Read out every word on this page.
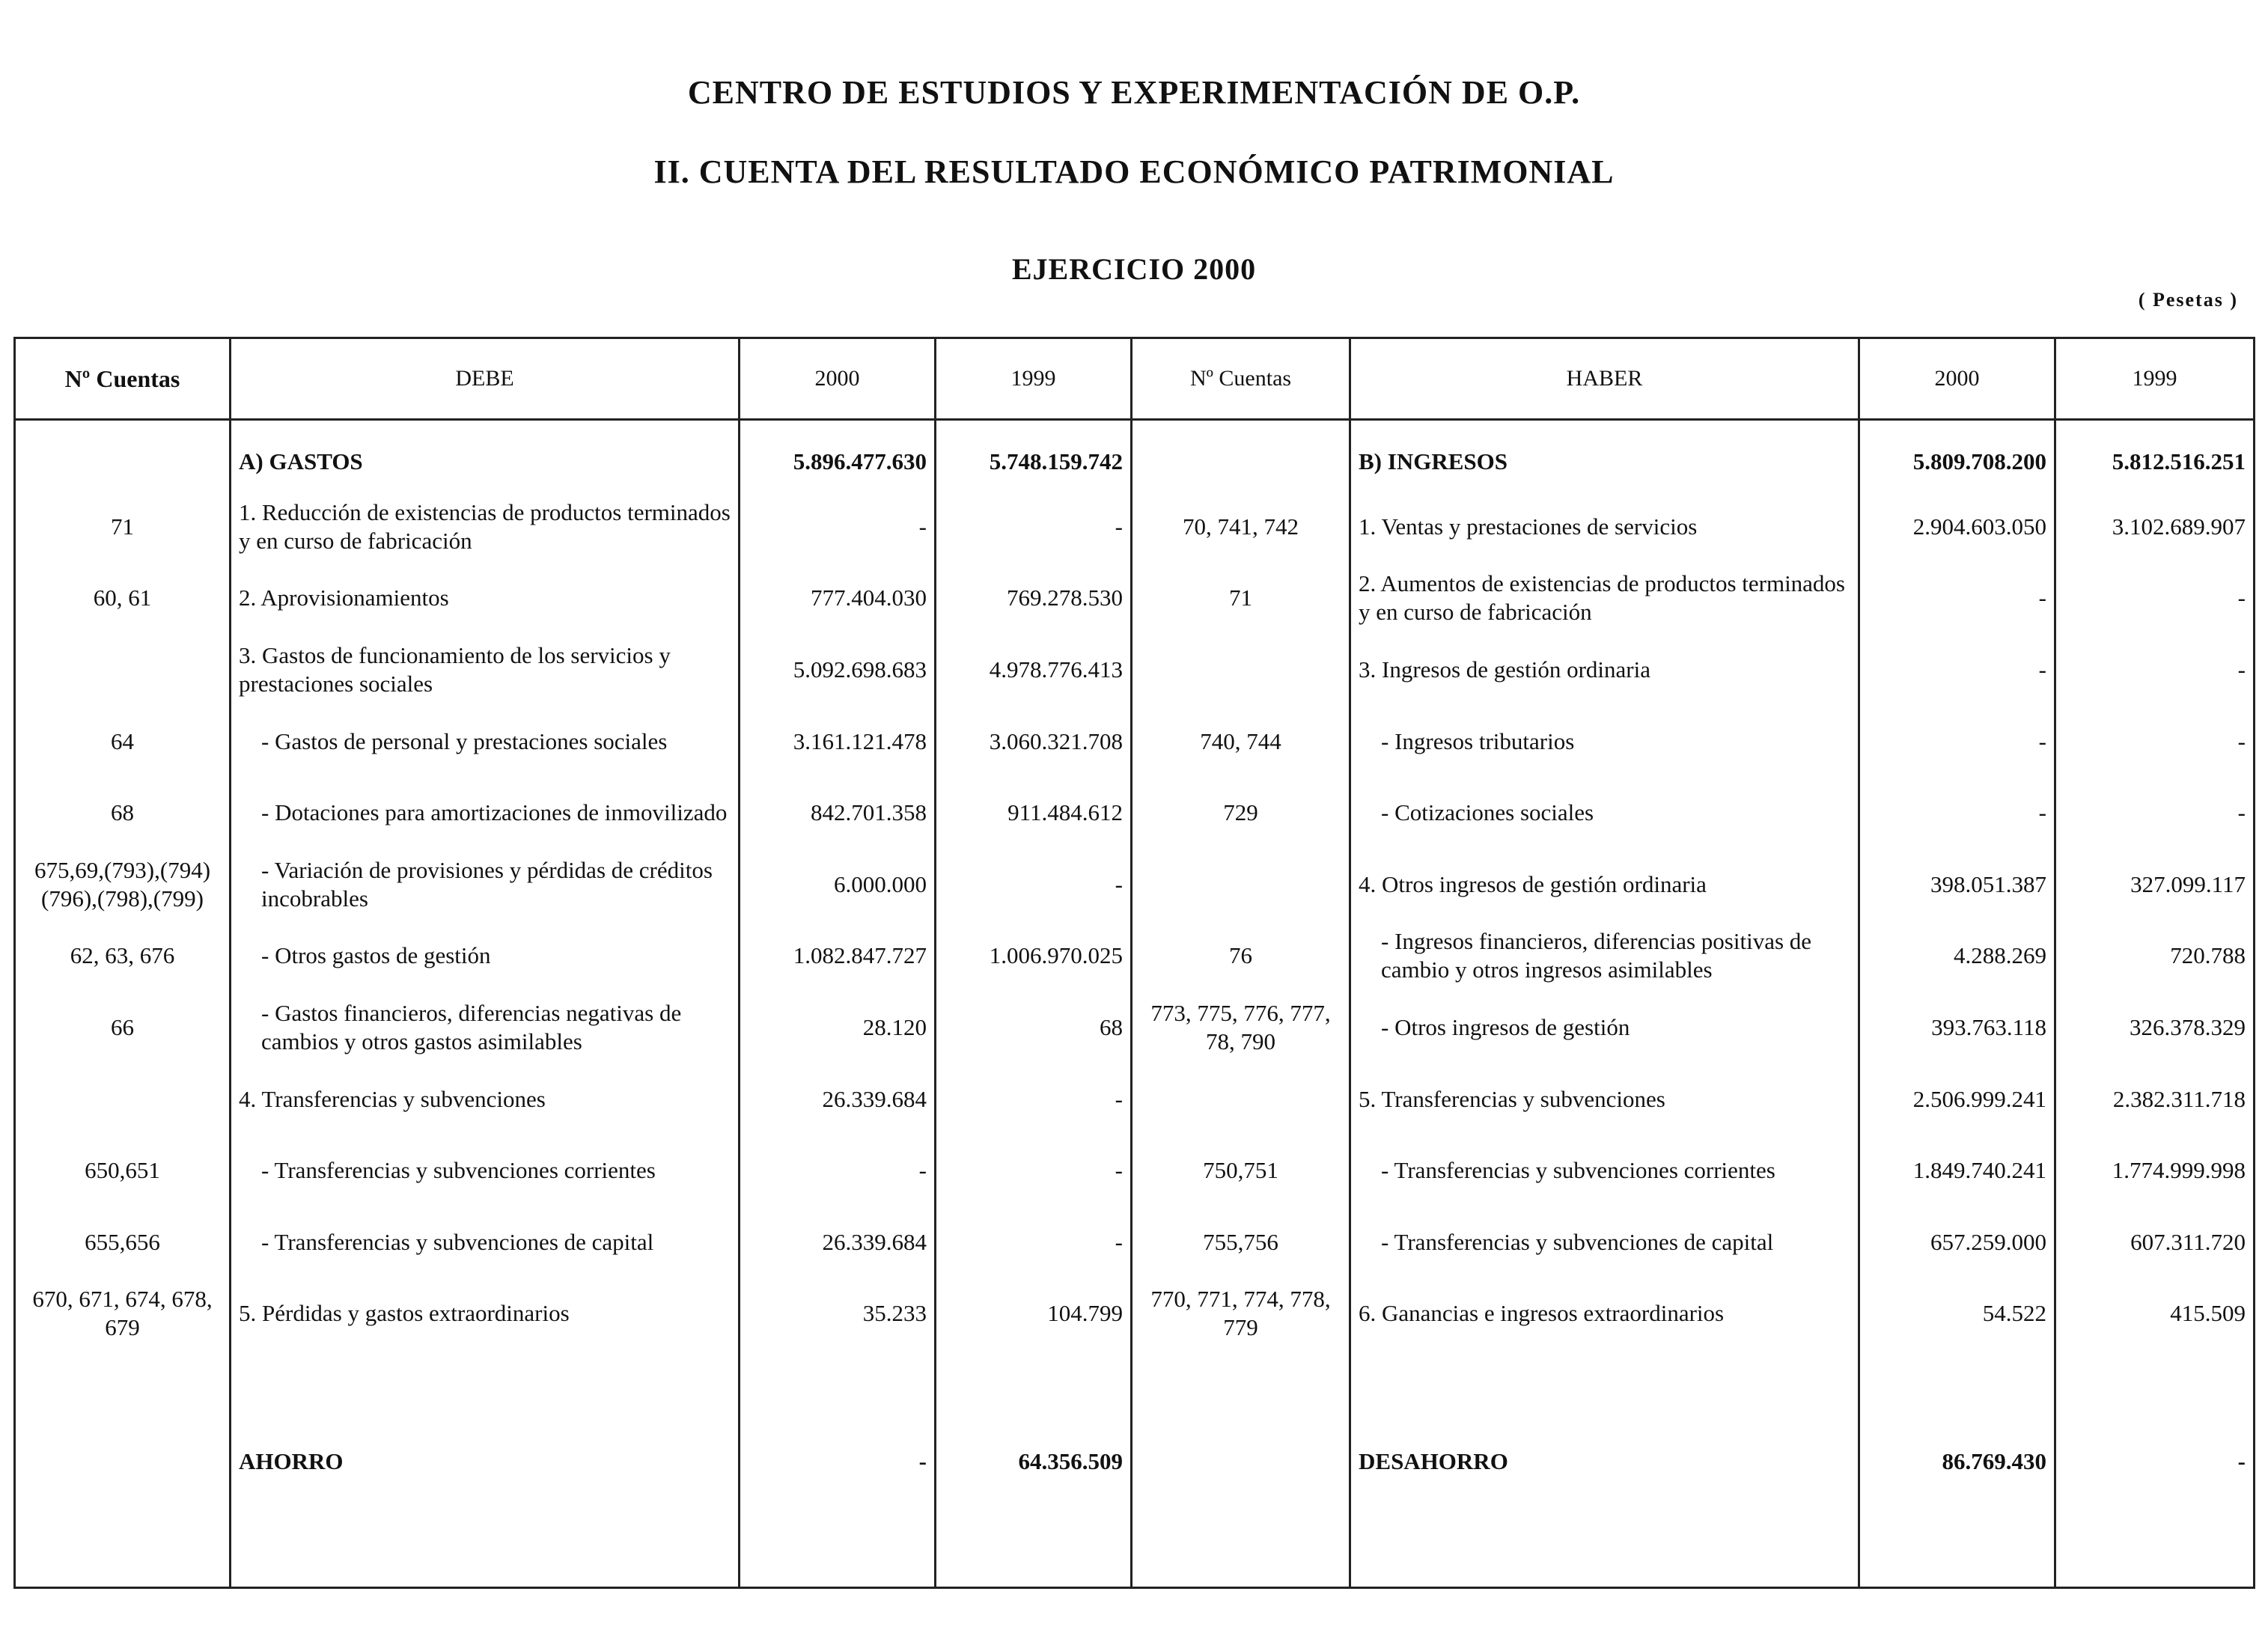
CENTRO DE ESTUDIOS Y EXPERIMENTACIÓN DE O.P.
II. CUENTA DEL RESULTADO ECONÓMICO PATRIMONIAL
EJERCICIO 2000
( Pesetas )
Nº Cuentas	DEBE	2000	1999	Nº Cuentas	HABER	2000	1999
	A) GASTOS	5.896.477.630	5.748.159.742		B) INGRESOS	5.809.708.200	5.812.516.251
71	1. Reducción de existencias de productos terminados y en curso de fabricación	-	-	70, 741, 742	1. Ventas y prestaciones de servicios	2.904.603.050	3.102.689.907
60, 61	2. Aprovisionamientos	777.404.030	769.278.530	71	2. Aumentos de existencias de productos terminados y en curso de fabricación	-	-
	3. Gastos de funcionamiento de los servicios y prestaciones sociales	5.092.698.683	4.978.776.413		3. Ingresos de gestión ordinaria	-	-
64	- Gastos de personal y prestaciones sociales	3.161.121.478	3.060.321.708	740, 744	- Ingresos tributarios	-	-
68	- Dotaciones para amortizaciones de inmovilizado	842.701.358	911.484.612	729	- Cotizaciones sociales	-	-
675,69,(793),(794) (796),(798),(799)	- Variación de provisiones y pérdidas de créditos incobrables	6.000.000	-		4. Otros ingresos de gestión ordinaria	398.051.387	327.099.117
62, 63, 676	- Otros gastos de gestión	1.082.847.727	1.006.970.025	76	- Ingresos financieros, diferencias positivas de cambio y otros ingresos asimilables	4.288.269	720.788
66	- Gastos financieros, diferencias negativas de cambios y otros gastos asimilables	28.120	68	773, 775, 776, 777, 78, 790	- Otros ingresos de gestión	393.763.118	326.378.329
	4. Transferencias y subvenciones	26.339.684	-		5. Transferencias y subvenciones	2.506.999.241	2.382.311.718
650,651	- Transferencias y subvenciones corrientes	-	-	750,751	- Transferencias y subvenciones corrientes	1.849.740.241	1.774.999.998
655,656	- Transferencias y subvenciones de capital	26.339.684	-	755,756	- Transferencias y subvenciones de capital	657.259.000	607.311.720
670, 671, 674, 678, 679	5. Pérdidas y gastos extraordinarios	35.233	104.799	770, 771, 774, 778, 779	6. Ganancias e ingresos extraordinarios	54.522	415.509

	AHORRO	-	64.356.509		DESAHORRO	86.769.430	-
